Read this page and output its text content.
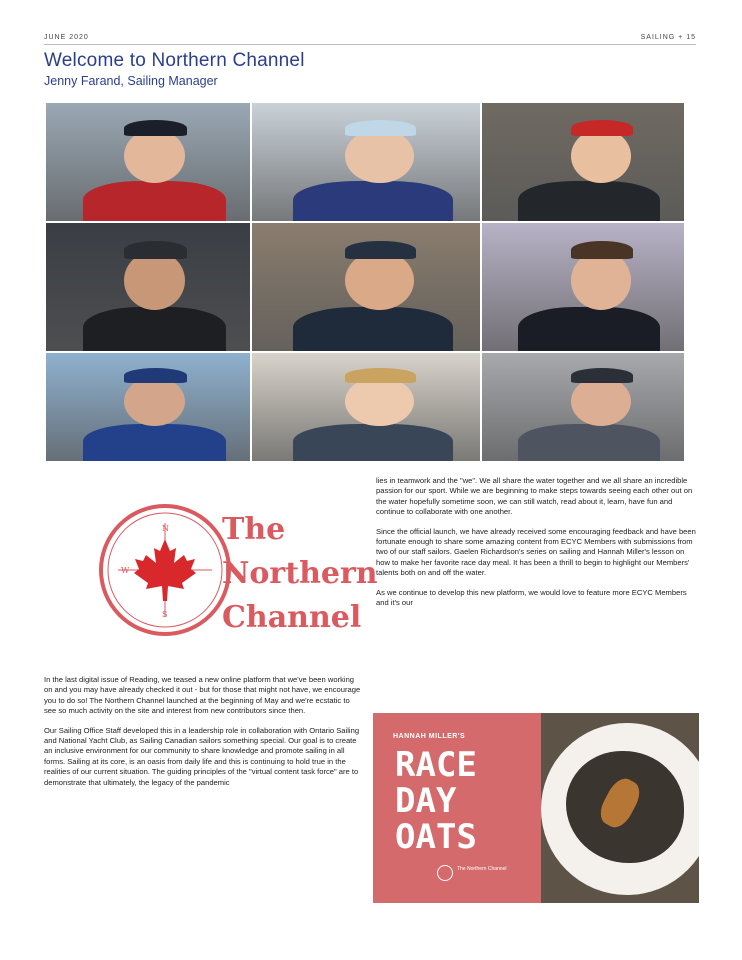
JUNE 2020	SAILING + 15
Welcome to Northern Channel
Jenny Farand, Sailing Manager
N
W
S
The
Northern
Channel

In the last digital issue of Reading, we teased a new online platform that we've been working on and you may have already checked it out - but for those that might not have, we encourage you to do so! The Northern Channel launched at the beginning of May and we're ecstatic to see so much activity on the site and interest from new contributors since then.

Our Sailing Office Staff developed this in a leadership role in collaboration with Ontario Sailing and National Yacht Club, as Sailing Canadian sailors something special. Our goal is to create an inclusive environment for our community to share knowledge and promote sailing in all forms. Sailing at its core, is an oasis from daily life and this is continuing to hold true in the realities of our current situation. The guiding principles of the "virtual content task force" are to demonstrate that ultimately, the legacy of the pandemic

lies in teamwork and the "we". We all share the water together and we all share an incredible passion for our sport. While we are beginning to make steps towards seeing each other out on the water hopefully sometime soon, we can still watch, read about it, learn, have fun and continue to collaborate with one another.

Since the official launch, we have already received some encouraging feedback and have been fortunate enough to share some amazing content from ECYC Members with submissions from two of our staff sailors. Gaelen Richardson's series on sailing and Hannah Miller's lesson on how to make her favorite race day meal. It has been a thrill to begin to highlight our Members' talents both on and off the water.

As we continue to develop this new platform, we would love to feature more ECYC Members and it's our

HANNAH MILLER'S
RACE
DAY
OATS
The Northern Channel
